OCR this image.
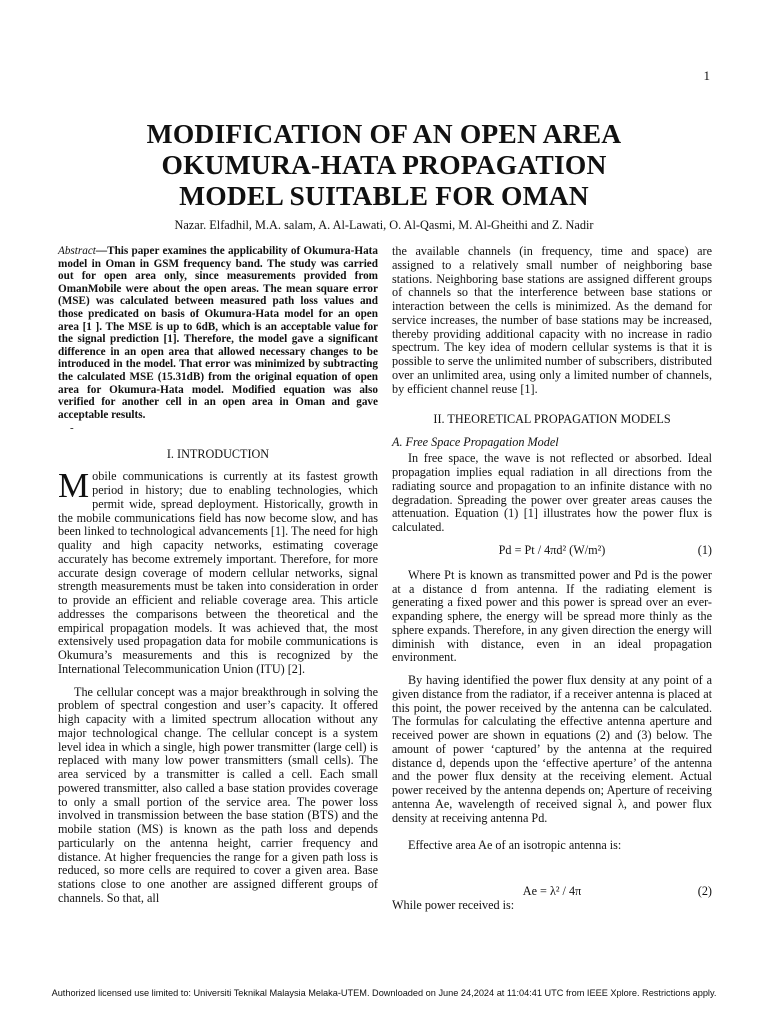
1
MODIFICATION OF AN OPEN AREA
OKUMURA-HATA PROPAGATION
MODEL SUITABLE FOR OMAN
Nazar. Elfadhil, M.A. salam, A. Al-Lawati, O. Al-Qasmi, M. Al-Gheithi and Z. Nadir

Abstract—This paper examines the applicability of Okumura-Hata model in Oman in GSM frequency band. The study was carried out for open area only, since measurements provided from OmanMobile were about the open areas. The mean square error (MSE) was calculated between measured path loss values and those predicated on basis of Okumura-Hata model for an open area [1 ]. The MSE is up to 6dB, which is an acceptable value for the signal prediction [1]. Therefore, the model gave a significant difference in an open area that allowed necessary changes to be introduced in the model. That error was minimized by subtracting the calculated MSE (15.31dB) from the original equation of open area for Okumura-Hata model. Modified equation was also verified for another cell in an open area in Oman and gave acceptable results.

-
I. INTRODUCTION

Mobile communications is currently at its fastest growth period in history; due to enabling technologies, which permit wide, spread deployment. Historically, growth in the mobile communications field has now become slow, and has been linked to technological advancements [1]. The need for high quality and high capacity networks, estimating coverage accurately has become extremely important. Therefore, for more accurate design coverage of modern cellular networks, signal strength measurements must be taken into consideration in order to provide an efficient and reliable coverage area. This article addresses the comparisons between the theoretical and the empirical propagation models. It was achieved that, the most extensively used propagation data for mobile communications is Okumura’s measurements and this is recognized by the International Telecommunication Union (ITU) [2].

The cellular concept was a major breakthrough in solving the problem of spectral congestion and user’s capacity. It offered high capacity with a limited spectrum allocation without any major technological change. The cellular concept is a system level idea in which a single, high power transmitter (large cell) is replaced with many low power transmitters (small cells). The area serviced by a transmitter is called a cell. Each small powered transmitter, also called a base station provides coverage to only a small portion of the service area. The power loss involved in transmission between the base station (BTS) and the mobile station (MS) is known as the path loss and depends particularly on the antenna height, carrier frequency and distance. At higher frequencies the range for a given path loss is reduced, so more cells are required to cover a given area. Base stations close to one another are assigned different groups of channels. So that, all

the available channels (in frequency, time and space) are assigned to a relatively small number of neighboring base stations. Neighboring base stations are assigned different groups of channels so that the interference between base stations or interaction between the cells is minimized. As the demand for service increases, the number of base stations may be increased, thereby providing additional capacity with no increase in radio spectrum. The key idea of modern cellular systems is that it is possible to serve the unlimited number of subscribers, distributed over an unlimited area, using only a limited number of channels, by efficient channel reuse [1].

II. THEORETICAL PROPAGATION MODELS
A. Free Space Propagation Model

In free space, the wave is not reflected or absorbed. Ideal propagation implies equal radiation in all directions from the radiating source and propagation to an infinite distance with no degradation. Spreading the power over greater areas causes the attenuation. Equation (1) [1] illustrates how the power flux is calculated.

Pd = Pt / 4πd² (W/m²)	(1)

Where Pt is known as transmitted power and Pd is the power at a distance d from antenna. If the radiating element is generating a fixed power and this power is spread over an ever-expanding sphere, the energy will be spread more thinly as the sphere expands. Therefore, in any given direction the energy will diminish with distance, even in an ideal propagation environment.

By having identified the power flux density at any point of a given distance from the radiator, if a receiver antenna is placed at this point, the power received by the antenna can be calculated. The formulas for calculating the effective antenna aperture and received power are shown in equations (2) and (3) below. The amount of power ‘captured’ by the antenna at the required distance d, depends upon the ‘effective aperture’ of the antenna and the power flux density at the receiving element. Actual power received by the antenna depends on; Aperture of receiving antenna Ae, wavelength of received signal λ, and power flux density at receiving antenna Pd.

Effective area Ae of an isotropic antenna is:

Ae = λ² / 4π	(2)

While power received is:

Authorized licensed use limited to: Universiti Teknikal Malaysia Melaka-UTEM. Downloaded on June 24,2024 at 11:04:41 UTC from IEEE Xplore. Restrictions apply.
